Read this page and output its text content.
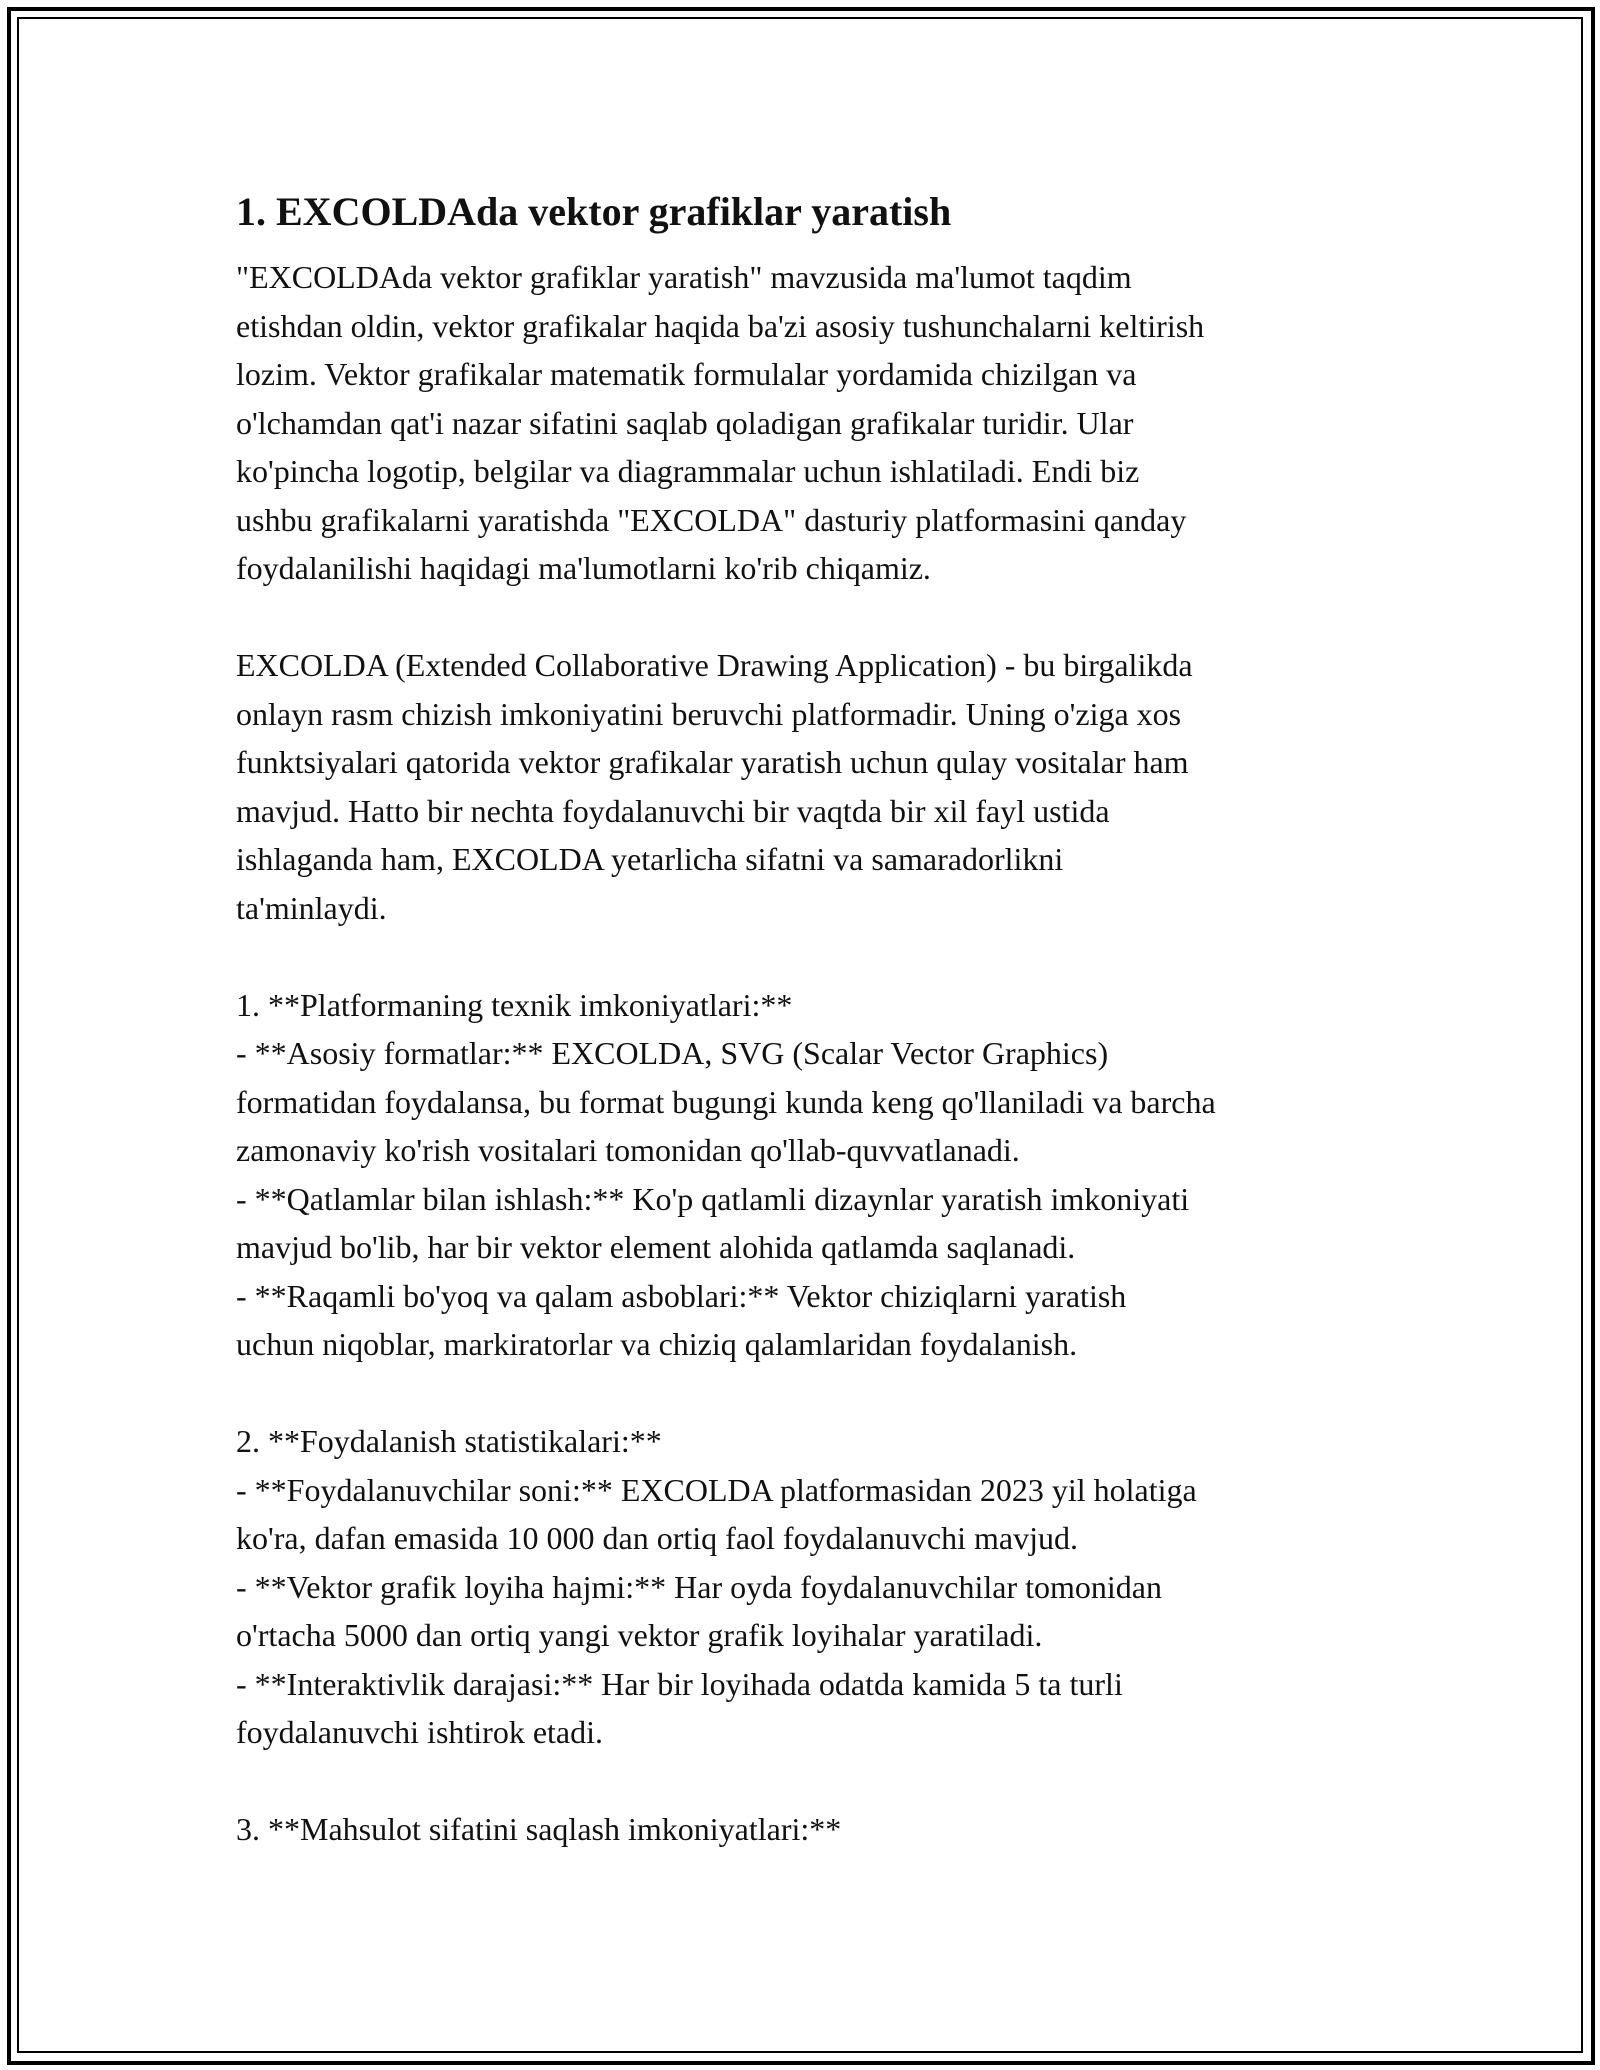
1. EXCOLDAda vektor grafiklar yaratish

"EXCOLDAda vektor grafiklar yaratish" mavzusida ma'lumot taqdim
etishdan oldin, vektor grafikalar haqida ba'zi asosiy tushunchalarni keltirish
lozim. Vektor grafikalar matematik formulalar yordamida chizilgan va
o'lchamdan qat'i nazar sifatini saqlab qoladigan grafikalar turidir. Ular
ko'pincha logotip, belgilar va diagrammalar uchun ishlatiladi. Endi biz
ushbu grafikalarni yaratishda "EXCOLDA" dasturiy platformasini qanday
foydalanilishi haqidagi ma'lumotlarni ko'rib chiqamiz.

EXCOLDA (Extended Collaborative Drawing Application) - bu birgalikda
onlayn rasm chizish imkoniyatini beruvchi platformadir. Uning o'ziga xos
funktsiyalari qatorida vektor grafikalar yaratish uchun qulay vositalar ham
mavjud. Hatto bir nechta foydalanuvchi bir vaqtda bir xil fayl ustida
ishlaganda ham, EXCOLDA yetarlicha sifatni va samaradorlikni
ta'minlaydi.

1. **Platformaning texnik imkoniyatlari:**
- **Asosiy formatlar:** EXCOLDA, SVG (Scalar Vector Graphics)
formatidan foydalansa, bu format bugungi kunda keng qo'llaniladi va barcha
zamonaviy ko'rish vositalari tomonidan qo'llab-quvvatlanadi.
- **Qatlamlar bilan ishlash:** Ko'p qatlamli dizaynlar yaratish imkoniyati
mavjud bo'lib, har bir vektor element alohida qatlamda saqlanadi.
- **Raqamli bo'yoq va qalam asboblari:** Vektor chiziqlarni yaratish
uchun niqoblar, markiratorlar va chiziq qalamlaridan foydalanish.

2. **Foydalanish statistikalari:**
- **Foydalanuvchilar soni:** EXCOLDA platformasidan 2023 yil holatiga
ko'ra, dafan emasida 10 000 dan ortiq faol foydalanuvchi mavjud.
- **Vektor grafik loyiha hajmi:** Har oyda foydalanuvchilar tomonidan
o'rtacha 5000 dan ortiq yangi vektor grafik loyihalar yaratiladi.
- **Interaktivlik darajasi:** Har bir loyihada odatda kamida 5 ta turli
foydalanuvchi ishtirok etadi.

3. **Mahsulot sifatini saqlash imkoniyatlari:**
